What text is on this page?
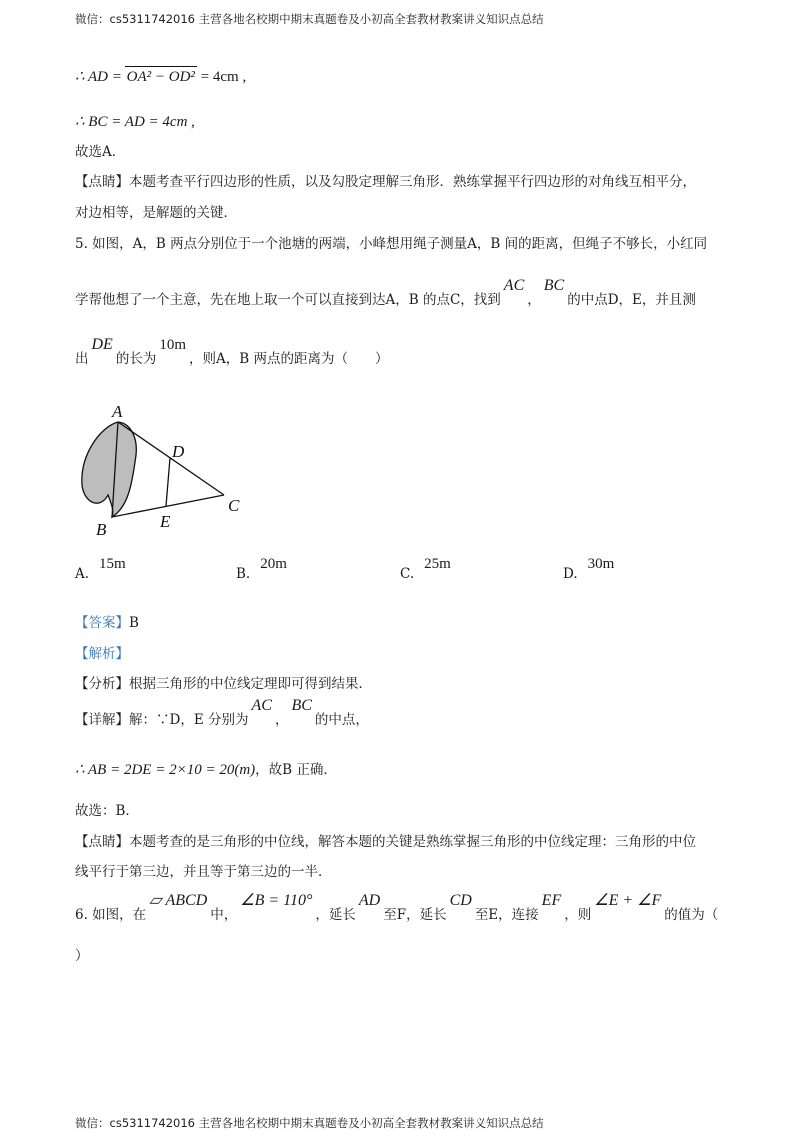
微信：cs5311742016 主营各地名校期中期末真题卷及小初高全套教材教案讲义知识点总结
∴ AD = OA² − OD² = 4cm ,
∴ BC = AD = 4cm ,
故选A．
【点睛】本题考查平行四边形的性质，以及勾股定理解三角形．熟练掌握平行四边形的对角线互相平分，
对边相等，是解题的关键．
5. 如图，A，B 两点分别位于一个池塘的两端，小峰想用绳子测量A，B 间的距离，但绳子不够长，小红同
学帮他想了一个主意，先在地上取一个可以直接到达A，B 的点C，找到AC，BC的中点D，E，并且测
出DE的长为10m，则A，B 两点的距离为（　　）
A
D
C
B	E
A.15m
B.20m
C.25m
D.30m
【答案】B
【解析】
【分析】根据三角形的中位线定理即可得到结果．
【详解】解：∵D，E 分别为AC，BC的中点，
∴ AB = 2DE = 2×10 = 20(m)，故B 正确．
故选：B．
【点睛】本题考查的是三角形的中位线，解答本题的关键是熟练掌握三角形的中位线定理：三角形的中位
线平行于第三边，并且等于第三边的一半．
6. 如图，在▱ ABCD中，∠B = 110°，延长AD至F，延长CD至E，连接EF，则∠E + ∠F的值为（
）
微信：cs5311742016 主营各地名校期中期末真题卷及小初高全套教材教案讲义知识点总结
